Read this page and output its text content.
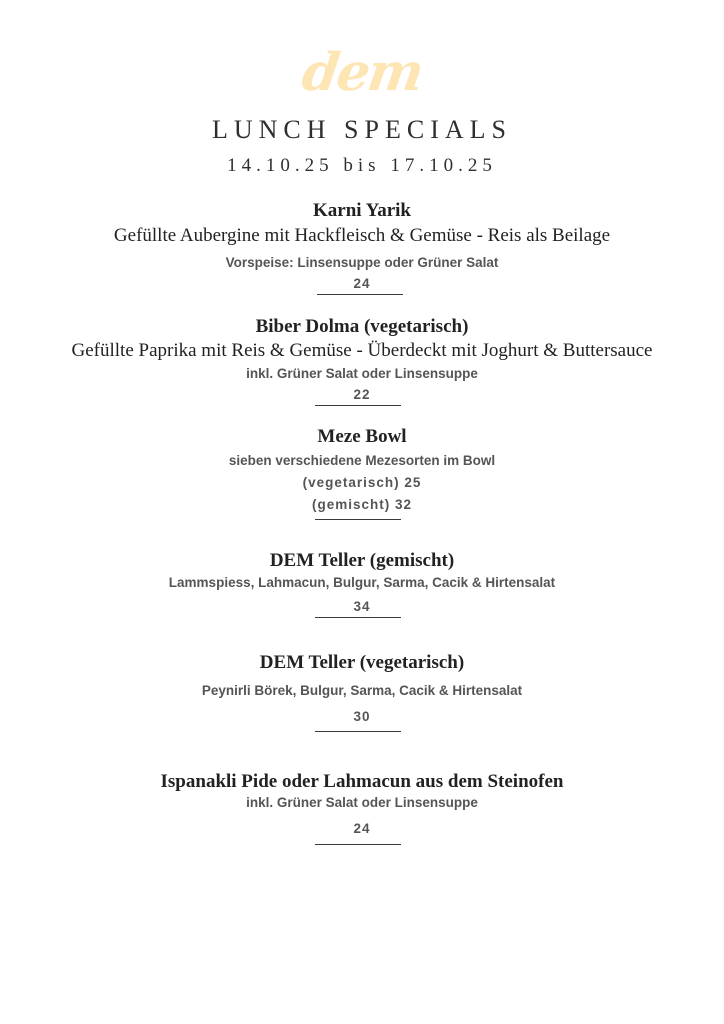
dem
LUNCH SPECIALS
14.10.25 bis 17.10.25
Karni Yarik
Gefüllte Aubergine mit Hackfleisch & Gemüse - Reis als Beilage
Vorspeise: Linsensuppe oder Grüner Salat
24
Biber Dolma (vegetarisch)
Gefüllte Paprika mit Reis & Gemüse - Überdeckt mit Joghurt & Buttersauce
inkl. Grüner Salat oder Linsensuppe
22
Meze Bowl
sieben verschiedene Mezesorten im Bowl
(vegetarisch) 25
(gemischt) 32
DEM Teller (gemischt)
Lammspiess, Lahmacun, Bulgur, Sarma, Cacik & Hirtensalat
34
DEM Teller (vegetarisch)
Peynirli Börek, Bulgur, Sarma, Cacik & Hirtensalat
30
Ispanakli Pide oder Lahmacun aus dem Steinofen
inkl. Grüner Salat oder Linsensuppe
24
